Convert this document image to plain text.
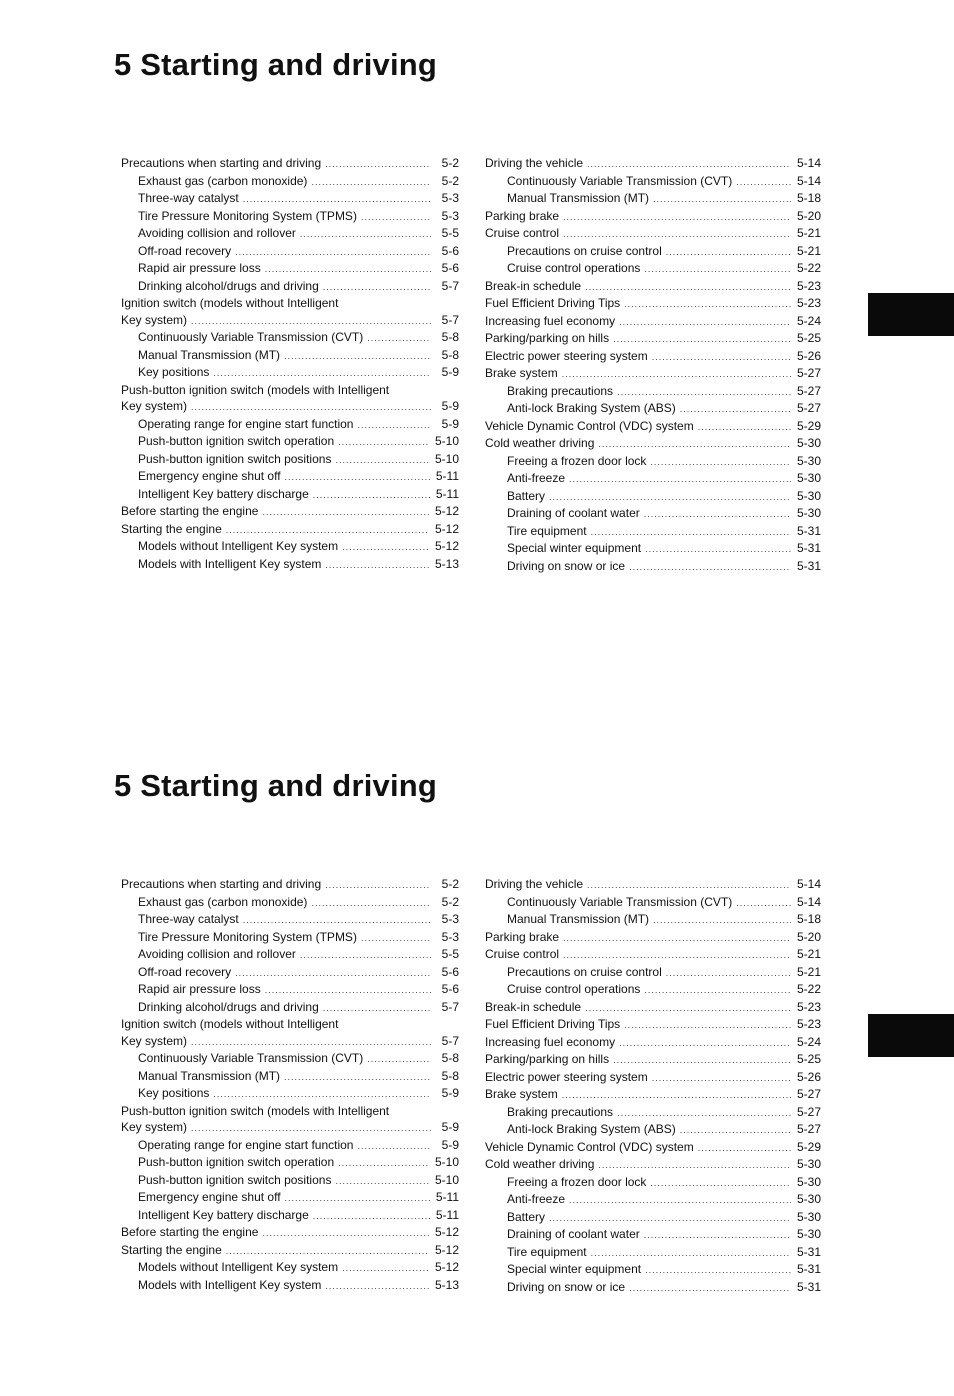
5 Starting and driving
Precautions when starting and driving .....	5-2
Exhaust gas (carbon monoxide) .....	5-2
Three-way catalyst .....	5-3
Tire Pressure Monitoring System (TPMS) .....	5-3
Avoiding collision and rollover .....	5-5
Off-road recovery .....	5-6
Rapid air pressure loss .....	5-6
Drinking alcohol/drugs and driving .....	5-7
Ignition switch (models without Intelligent
Key system) .....	5-7
Continuously Variable Transmission (CVT) .....	5-8
Manual Transmission (MT) .....	5-8
Key positions .....	5-9
Push-button ignition switch (models with Intelligent
Key system) .....	5-9
Operating range for engine start function .....	5-9
Push-button ignition switch operation .....	5-10
Push-button ignition switch positions .....	5-10
Emergency engine shut off .....	5-11
Intelligent Key battery discharge .....	5-11
Before starting the engine .....	5-12
Starting the engine .....	5-12
Models without Intelligent Key system .....	5-12
Models with Intelligent Key system .....	5-13
Driving the vehicle .....	5-14
Continuously Variable Transmission (CVT) .....	5-14
Manual Transmission (MT) .....	5-18
Parking brake .....	5-20
Cruise control .....	5-21
Precautions on cruise control .....	5-21
Cruise control operations .....	5-22
Break-in schedule .....	5-23
Fuel Efficient Driving Tips .....	5-23
Increasing fuel economy .....	5-24
Parking/parking on hills .....	5-25
Electric power steering system .....	5-26
Brake system .....	5-27
Braking precautions .....	5-27
Anti-lock Braking System (ABS) .....	5-27
Vehicle Dynamic Control (VDC) system .....	5-29
Cold weather driving .....	5-30
Freeing a frozen door lock .....	5-30
Anti-freeze .....	5-30
Battery .....	5-30
Draining of coolant water .....	5-30
Tire equipment .....	5-31
Special winter equipment .....	5-31
Driving on snow or ice .....	5-31
5 Starting and driving
Precautions when starting and driving .....	5-2
Exhaust gas (carbon monoxide) .....	5-2
Three-way catalyst .....	5-3
Tire Pressure Monitoring System (TPMS) .....	5-3
Avoiding collision and rollover .....	5-5
Off-road recovery .....	5-6
Rapid air pressure loss .....	5-6
Drinking alcohol/drugs and driving .....	5-7
Ignition switch (models without Intelligent
Key system) .....	5-7
Continuously Variable Transmission (CVT) .....	5-8
Manual Transmission (MT) .....	5-8
Key positions .....	5-9
Push-button ignition switch (models with Intelligent
Key system) .....	5-9
Operating range for engine start function .....	5-9
Push-button ignition switch operation .....	5-10
Push-button ignition switch positions .....	5-10
Emergency engine shut off .....	5-11
Intelligent Key battery discharge .....	5-11
Before starting the engine .....	5-12
Starting the engine .....	5-12
Models without Intelligent Key system .....	5-12
Models with Intelligent Key system .....	5-13
Driving the vehicle .....	5-14
Continuously Variable Transmission (CVT) .....	5-14
Manual Transmission (MT) .....	5-18
Parking brake .....	5-20
Cruise control .....	5-21
Precautions on cruise control .....	5-21
Cruise control operations .....	5-22
Break-in schedule .....	5-23
Fuel Efficient Driving Tips .....	5-23
Increasing fuel economy .....	5-24
Parking/parking on hills .....	5-25
Electric power steering system .....	5-26
Brake system .....	5-27
Braking precautions .....	5-27
Anti-lock Braking System (ABS) .....	5-27
Vehicle Dynamic Control (VDC) system .....	5-29
Cold weather driving .....	5-30
Freeing a frozen door lock .....	5-30
Anti-freeze .....	5-30
Battery .....	5-30
Draining of coolant water .....	5-30
Tire equipment .....	5-31
Special winter equipment .....	5-31
Driving on snow or ice .....	5-31
